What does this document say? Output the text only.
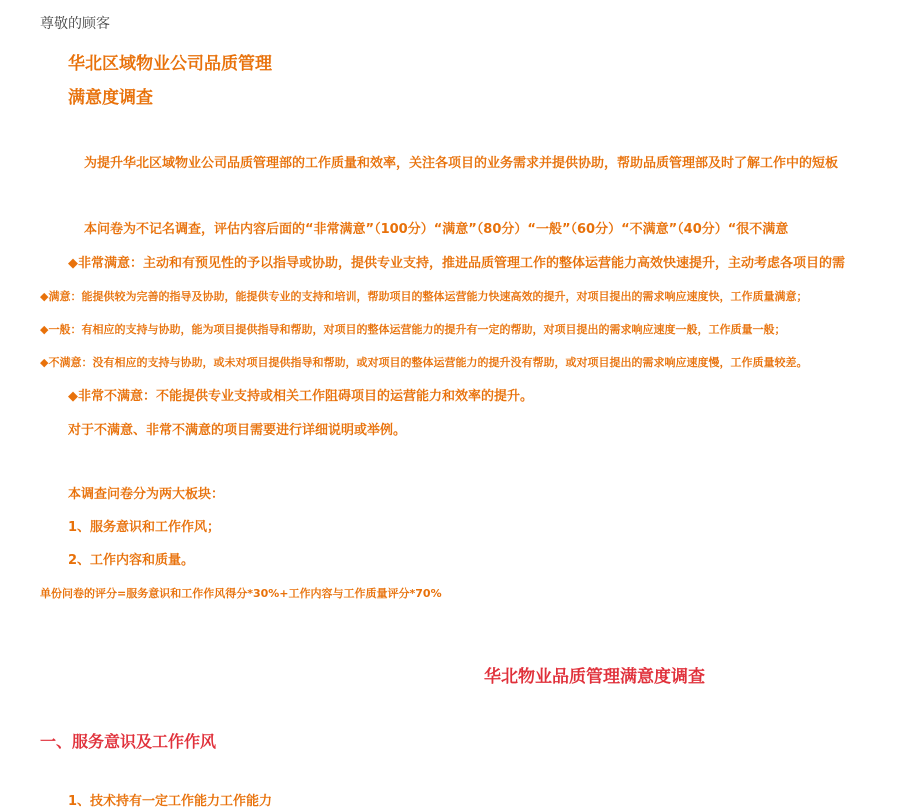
尊敬的顾客
华北区域物业公司品质管理
满意度调查
为提升华北区域物业公司品质管理部的工作质量和效率，关注各项目的业务需求并提供协助，帮助品质管理部及时了解工作中的短板
本问卷为不记名调查，评估内容后面的“非常满意”（100分）“满意”（80分）“一般”（60分）“不满意”（40分）“很不满意
◆非常满意：主动和有预见性的予以指导或协助，提供专业支持，推进品质管理工作的整体运营能力高效快速提升，主动考虑各项目的需
◆满意：能提供较为完善的指导及协助，能提供专业的支持和培训，帮助项目的整体运营能力快速高效的提升，对项目提出的需求响应速度快，工作质量满意；
◆一般：有相应的支持与协助，能为项目提供指导和帮助，对项目的整体运营能力的提升有一定的帮助，对项目提出的需求响应速度一般，工作质量一般；
◆不满意：没有相应的支持与协助，或未对项目提供指导和帮助，或对项目的整体运营能力的提升没有帮助，或对项目提出的需求响应速度慢，工作质量较差。
◆非常不满意：不能提供专业支持或相关工作阻碍项目的运营能力和效率的提升。
对于不满意、非常不满意的项目需要进行详细说明或举例。
本调查问卷分为两大板块：
1、服务意识和工作作风；
2、工作内容和质量。
单份问卷的评分=服务意识和工作作风得分*30%+工作内容与工作质量评分*70%
华北物业品质管理满意度调查
一、服务意识及工作作风
1、技术持有一定工作能力工作能力
